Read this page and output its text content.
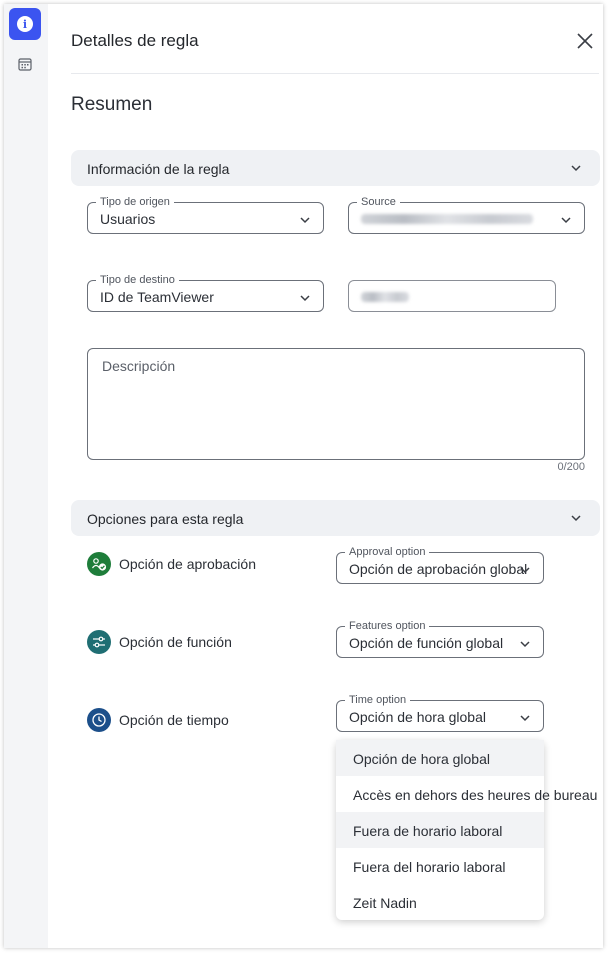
i
Detalles de regla
Resumen
Información de la regla
Tipo de origen
Usuarios
Source
Tipo de destino
ID de TeamViewer
Descripción
0/200
Opciones para esta regla
Opción de aprobación
Approval option
Opción de aprobación global
Opción de función
Features option
Opción de función global
Opción de tiempo
Time option
Opción de hora global
Opción de hora global
Accès en dehors des heures de bureau
Fuera de horario laboral
Fuera del horario laboral
Zeit Nadin
